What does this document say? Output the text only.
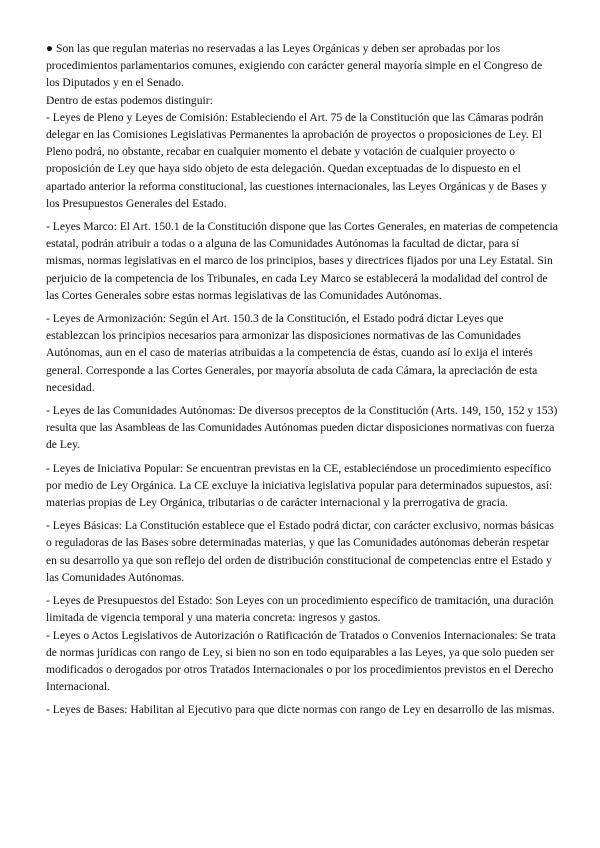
● Son las que regulan materias no reservadas a las Leyes Orgánicas y deben ser aprobadas por los procedimientos parlamentarios comunes, exigiendo con carácter general mayoría simple en el Congreso de los Diputados y en el Senado.

Dentro de estas podemos distinguir:

- Leyes de Pleno y Leyes de Comisión: Estableciendo el Art. 75 de la Constitución que las Cámaras podrán delegar en las Comisiones Legislativas Permanentes la aprobación de proyectos o proposiciones de Ley. El Pleno podrá, no obstante, recabar en cualquier momento el debate y votación de cualquier proyecto o proposición de Ley que haya sido objeto de esta delegación. Quedan exceptuadas de lo dispuesto en el apartado anterior la reforma constitucional, las cuestiones internacionales, las Leyes Orgánicas y de Bases y los Presupuestos Generales del Estado.

- Leyes Marco: El Art. 150.1 de la Constitución dispone que las Cortes Generales, en materias de competencia estatal, podrán atribuir a todas o a alguna de las Comunidades Autónomas la facultad de dictar, para sí mismas, normas legislativas en el marco de los principios, bases y directrices fijados por una Ley Estatal. Sin perjuicio de la competencia de los Tribunales, en cada Ley Marco se establecerá la modalidad del control de las Cortes Generales sobre estas normas legislativas de las Comunidades Autónomas.

- Leyes de Armonización: Según el Art. 150.3 de la Constitución, el Estado podrá dictar Leyes que establezcan los principios necesarios para armonizar las disposiciones normativas de las Comunidades Autónomas, aun en el caso de materias atribuidas a la competencia de éstas, cuando así lo exija el interés general. Corresponde a las Cortes Generales, por mayoría absoluta de cada Cámara, la apreciación de esta necesidad.

- Leyes de las Comunidades Autónomas: De diversos preceptos de la Constitución (Arts. 149, 150, 152 y 153) resulta que las Asambleas de las Comunidades Autónomas pueden dictar disposiciones normativas con fuerza de Ley.

- Leyes de Iniciativa Popular: Se encuentran previstas en la CE, estableciéndose un procedimiento específico por medio de Ley Orgánica. La CE excluye la iniciativa legislativa popular para determinados supuestos, así: materias propias de Ley Orgánica, tributarias o de carácter internacional y la prerrogativa de gracia.

- Leyes Básicas: La Constitución establece que el Estado podrá dictar, con carácter exclusivo, normas básicas o reguladoras de las Bases sobre determinadas materias, y que las Comunidades autónomas deberán respetar en su desarrollo ya que son reflejo del orden de distribución constitucional de competencias entre el Estado y las Comunidades Autónomas.

- Leyes de Presupuestos del Estado: Son Leyes con un procedimiento específico de tramitación, una duración limitada de vigencia temporal y una materia concreta: ingresos y gastos.

- Leyes o Actos Legislativos de Autorización o Ratificación de Tratados o Convenios Internacionales: Se trata de normas jurídicas con rango de Ley, si bien no son en todo equiparables a las Leyes, ya que solo pueden ser modificados o derogados por otros Tratados Internacionales o por los procedimientos previstos en el Derecho Internacional.

- Leyes de Bases: Habilitan al Ejecutivo para que dicte normas con rango de Ley en desarrollo de las mismas.
